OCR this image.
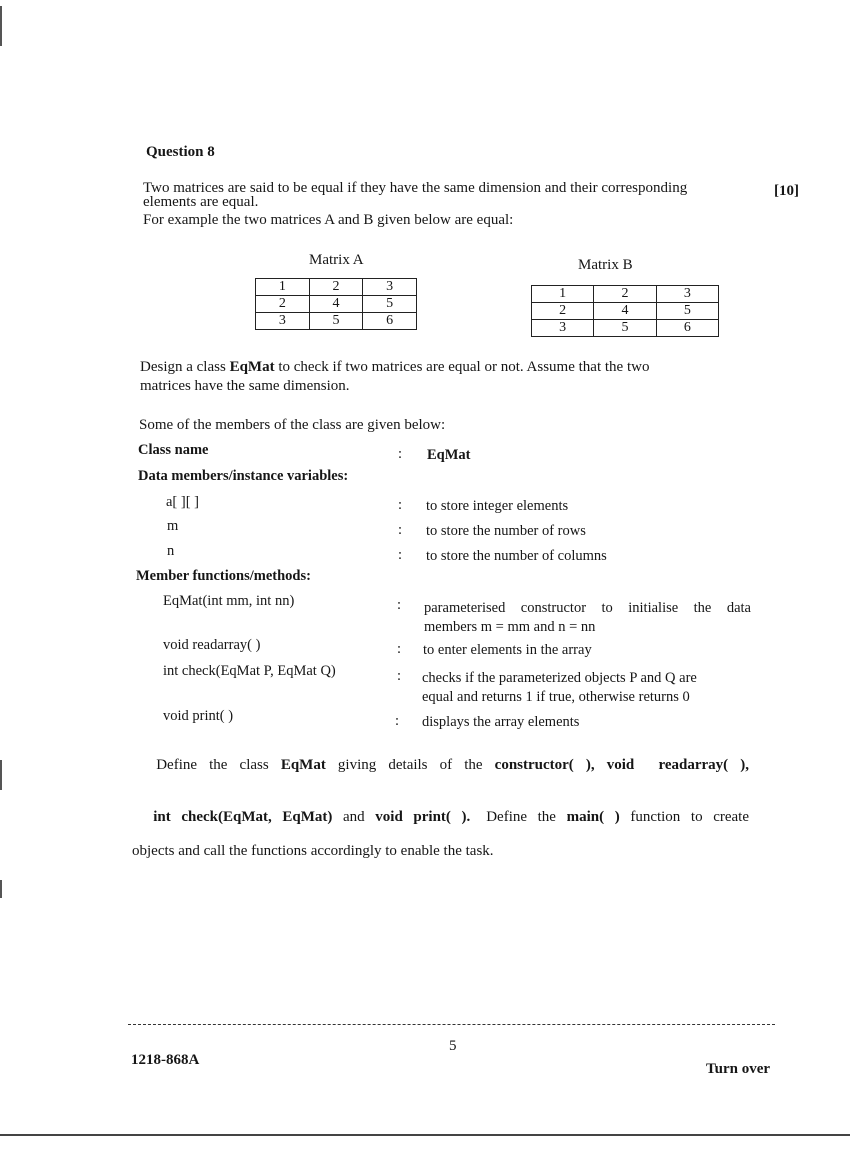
Question 8
Two matrices are said to be equal if they have the same dimension and their corresponding	[10]
elements are equal.
For example the two matrices A and B given below are equal:
Matrix A
1	2	3
2	4	5
3	5	6
Matrix B
1	2	3
2	4	5
3	5	6
Design a class EqMat to check if two matrices are equal or not. Assume that the two
matrices have the same dimension.
Some of the members of the class are given below:
Class name	: EqMat
Data members/instance variables:
a[ ][ ]	: to store integer elements
m	: to store the number of rows
n	: to store the number of columns
Member functions/methods:
EqMat(int mm, int nn)	: parameterised constructor to initialise the data
members m = mm and n = nn
void readarray( )	: to enter elements in the array
int check(EqMat P, EqMat Q)	: checks if the parameterized objects P and Q are
equal and returns 1 if true, otherwise returns 0
void print( )	: displays the array elements

Define  the  class  EqMat  giving  details  of  the  constructor(  ),  void    readarray(  ),

int  check(EqMat,  EqMat)  and  void  print(  ).   Define  the  main(  )  function  to  create

objects and call the functions accordingly to enable the task.
5
1218-868A
Turn over
